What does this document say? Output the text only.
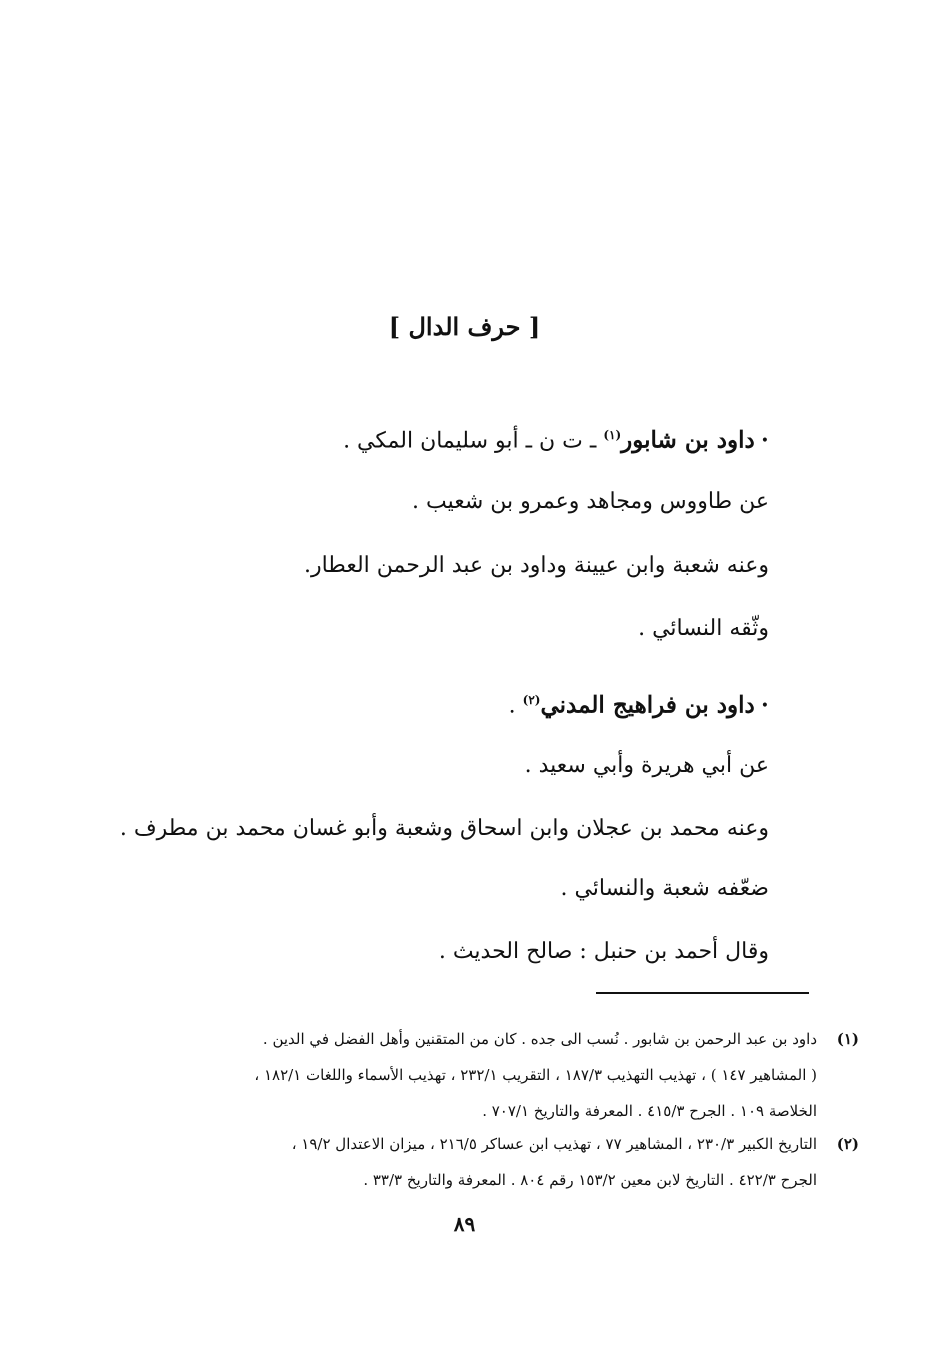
[ حرف الدال ]
•داود بن شابور$^{(١)}$ ـ ت ن ـ أبو سليمان المكي .
عن طاووس ومجاهد وعمرو بن شعيب .
وعنه شعبة وابن عيينة وداود بن عبد الرحمن العطار.
وثّقه النسائي .
•داود بن فراهيج المدني$^{(٢)}$ .
عن أبي هريرة وأبي سعيد .
وعنه محمد بن عجلان وابن اسحاق وشعبة وأبو غسان محمد بن مطرف .
ضعّفه شعبة والنسائي .
وقال أحمد بن حنبل : صالح الحديث .
(١)
داود بن عبد الرحمن بن شابور . نُسب الى جده . كان من المتقنين وأهل الفضل في الدين .
( المشاهير ١٤٧ ) ، تهذيب التهذيب ١٨٧/٣ ، التقريب ٢٣٢/١ ، تهذيب الأسماء واللغات ١٨٢/١ ،
الخلاصة ١٠٩ . الجرح ٤١٥/٣ . المعرفة والتاريخ ٧٠٧/١ .
(٢)
التاريخ الكبير ٢٣٠/٣ ، المشاهير ٧٧ ، تهذيب ابن عساكر ٢١٦/٥ ، ميزان الاعتدال ١٩/٢ ،
الجرح ٤٢٢/٣ . التاريخ لابن معين ١٥٣/٢ رقم ٨٠٤ . المعرفة والتاريخ ٣٣/٣ .
٨٩
